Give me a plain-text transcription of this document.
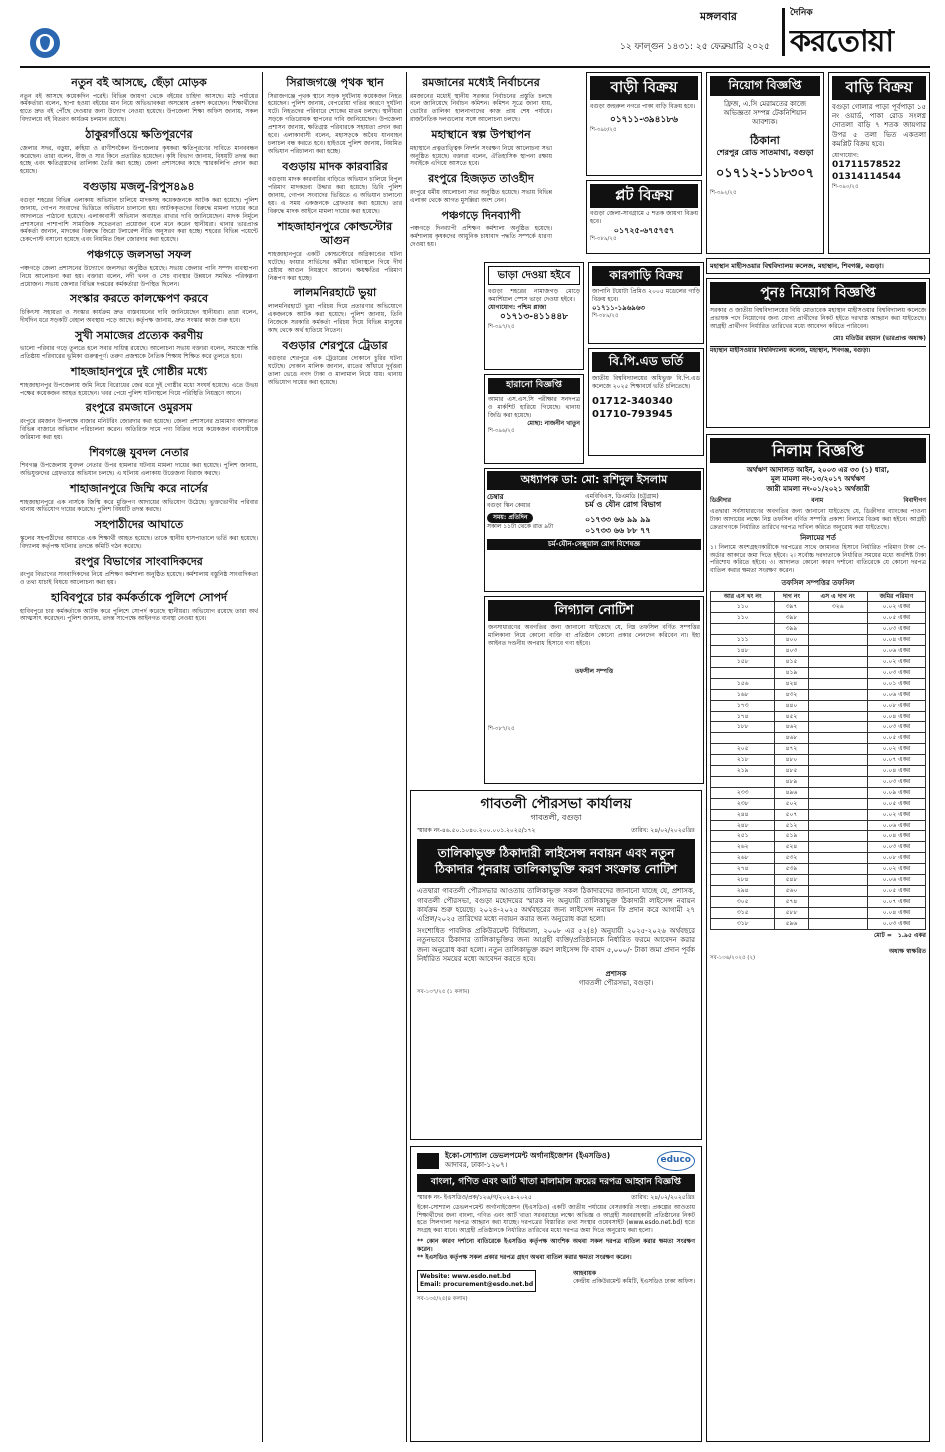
মঙ্গলবার
১২ ফাল্গুন ১৪৩১: ২৫ ফেব্রুয়ারি ২০২৫
দৈনিক
করতোয়া
নতুন বই আসছে, ছেঁড়া মোড়ক
নতুন বই আসছে কয়েকদিন পরেই। বিভিন্ন জায়গা থেকে বইয়ের চাহিদা আসছে। মাঠ পর্যায়ের কর্মকর্তারা বলেন, ছাপা হওয়া বইয়ের মান নিয়ে অভিভাবকরা অসন্তোষ প্রকাশ করেছেন। শিক্ষার্থীদের হাতে দ্রুত বই পৌঁছে দেওয়ার জন্য উদ্যোগ নেওয়া হয়েছে। উপজেলা শিক্ষা অফিস জানায়, সকল বিদ্যালয়ে বই বিতরণ কার্যক্রম চলমান রয়েছে।
ঠাকুরগাঁওয়ে ক্ষতিপূরণের
জেলার সদর, বড়ুয়া, রুহিয়া ও রাণীশংকৈল উপজেলার কৃষকরা ক্ষতিপূরণের দাবিতে মানববন্ধন করেছেন। তারা বলেন, বীজ ও সার কিনে প্রতারিত হয়েছেন। কৃষি বিভাগ জানায়, বিষয়টি তদন্ত করা হচ্ছে এবং ক্ষতিগ্রস্তদের তালিকা তৈরি করা হচ্ছে। জেলা প্রশাসকের কাছে স্মারকলিপি প্রদান করা হয়েছে।
বগুড়ায় মজলু-রিপুস৪৯৪
বগুড়া শহরের বিভিন্ন এলাকায় অভিযান চালিয়ে মাদকসহ কয়েকজনকে আটক করা হয়েছে। পুলিশ জানায়, গোপন সংবাদের ভিত্তিতে অভিযান চালানো হয়। আটককৃতদের বিরুদ্ধে মামলা দায়ের করে আদালতে পাঠানো হয়েছে। এলাকাবাসী অভিযান অব্যাহত রাখার দাবি জানিয়েছেন। মাদক নির্মূলে প্রশাসনের পাশাপাশি সামাজিক সচেতনতা প্রয়োজন বলে মনে করেন স্থানীয়রা। থানার ভারপ্রাপ্ত কর্মকর্তা জানান, মাদকের বিরুদ্ধে জিরো টলারেন্স নীতি অনুসরণ করা হচ্ছে। শহরের বিভিন্ন পয়েন্টে চেকপোস্ট বসানো হয়েছে এবং নিয়মিত টহল জোরদার করা হয়েছে।
পঞ্চগড়ে জলসভা সফল
পঞ্চগড়ে জেলা প্রশাসনের উদ্যোগে জলসভা অনুষ্ঠিত হয়েছে। সভায় জেলার পানি সম্পদ ব্যবস্থাপনা নিয়ে আলোচনা করা হয়। বক্তারা বলেন, নদী খনন ও সেচ ব্যবস্থার উন্নয়নে সমন্বিত পরিকল্পনা প্রয়োজন। সভায় জেলার বিভিন্ন দপ্তরের কর্মকর্তারা উপস্থিত ছিলেন।
সংস্কার করতে কালক্ষেপণ করবে
চিকিৎসা সহায়তা ও সংস্কার কার্যক্রম দ্রুত বাস্তবায়নের দাবি জানিয়েছেন স্থানীয়রা। তারা বলেন, দীর্ঘদিন ধরে সড়কটি বেহাল অবস্থায় পড়ে আছে। কর্তৃপক্ষ জানায়, দ্রুত সংস্কার কাজ শুরু হবে।
সুখী সমাজের প্রত্যেক করণীয়
ভালো পরিবার গড়ে তুলতে হলে সবার দায়িত্ব রয়েছে। আলোচনা সভায় বক্তারা বলেন, সমাজে শান্তি প্রতিষ্ঠায় পরিবারের ভূমিকা গুরুত্বপূর্ণ। তরুণ প্রজন্মকে নৈতিক শিক্ষায় শিক্ষিত করে তুলতে হবে।
শাহজাহানপুরে দুই গোষ্ঠীর মধ্যে
শাহজাহানপুর উপজেলায় জমি নিয়ে বিরোধের জের ধরে দুই গোষ্ঠীর মধ্যে সংঘর্ষ হয়েছে। এতে উভয় পক্ষের কয়েকজন আহত হয়েছেন। খবর পেয়ে পুলিশ ঘটনাস্থলে গিয়ে পরিস্থিতি নিয়ন্ত্রণে আনে।
রংপুরে রমজানে ওমুরসম
রংপুরে রমজান উপলক্ষে বাজার মনিটরিং জোরদার করা হয়েছে। জেলা প্রশাসনের ভ্রাম্যমাণ আদালত বিভিন্ন বাজারে অভিযান পরিচালনা করেন। অতিরিক্ত দামে পণ্য বিক্রির দায়ে কয়েকজন ব্যবসায়ীকে জরিমানা করা হয়।
শিবগঞ্জে যুবদল নেতার
শিবগঞ্জ উপজেলায় যুবদল নেতার উপর হামলার ঘটনায় মামলা দায়ের করা হয়েছে। পুলিশ জানায়, অভিযুক্তদের গ্রেফতারে অভিযান চলছে। এ ঘটনায় এলাকায় উত্তেজনা বিরাজ করছে।
শাহাজানপুরে জিম্মি করে নার্সের
শাহজাহানপুরে এক নার্সকে জিম্মি করে মুক্তিপণ আদায়ের অভিযোগ উঠেছে। ভুক্তভোগীর পরিবার থানায় অভিযোগ দায়ের করেছে। পুলিশ বিষয়টি তদন্ত করছে।
সহপাঠীদের আঘাতে
স্কুলের সহপাঠীদের আঘাতে এক শিক্ষার্থী আহত হয়েছে। তাকে স্থানীয় হাসপাতালে ভর্তি করা হয়েছে। বিদ্যালয় কর্তৃপক্ষ ঘটনার তদন্তে কমিটি গঠন করেছে।
রংপুর বিভাগের সাংবাদিকদের
রংপুর বিভাগের সাংবাদিকদের নিয়ে প্রশিক্ষণ কর্মশালা অনুষ্ঠিত হয়েছে। কর্মশালায় বস্তুনিষ্ঠ সাংবাদিকতা ও তথ্য যাচাই বিষয়ে আলোচনা করা হয়।
হাবিবপুরে চার কর্মকর্তাকে পুলিশে সোপর্দ
হাবিবপুরে চার কর্মকর্তাকে আটক করে পুলিশে সোপর্দ করেছে স্থানীয়রা। অভিযোগ রয়েছে তারা অর্থ আত্মসাৎ করেছেন। পুলিশ জানায়, তদন্ত সাপেক্ষে আইনগত ব্যবস্থা নেওয়া হবে।
সিরাজগঞ্জে পৃথক স্থান
সিরাজগঞ্জে পৃথক স্থানে সড়ক দুর্ঘটনায় কয়েকজন নিহত হয়েছেন। পুলিশ জানায়, বেপরোয়া গতির কারণে দুর্ঘটনা ঘটে। নিহতদের পরিবারে শোকের মাতম চলছে। স্থানীয়রা সড়কে গতিরোধক স্থাপনের দাবি জানিয়েছেন। উপজেলা প্রশাসন জানায়, ক্ষতিগ্রস্ত পরিবারকে সহায়তা প্রদান করা হবে। এলাকাবাসী বলেন, মহাসড়কে অবৈধ যানবাহন চলাচল বন্ধ করতে হবে। হাইওয়ে পুলিশ জানায়, নিয়মিত অভিযান পরিচালনা করা হচ্ছে।
বগুড়ায় মাদক কারবারির
বগুড়ায় মাদক কারবারির বাড়িতে অভিযান চালিয়ে বিপুল পরিমাণ মাদকদ্রব্য উদ্ধার করা হয়েছে। ডিবি পুলিশ জানায়, গোপন সংবাদের ভিত্তিতে এ অভিযান চালানো হয়। এ সময় একজনকে গ্রেফতার করা হয়েছে। তার বিরুদ্ধে মাদক আইনে মামলা দায়ের করা হয়েছে।
শাহজাহানপুরে কোল্ডস্টোর আগুন
শাহজাহানপুরে একটি কোল্ডস্টোরে অগ্নিকাণ্ডের ঘটনা ঘটেছে। ফায়ার সার্ভিসের কর্মীরা ঘটনাস্থলে গিয়ে দীর্ঘ চেষ্টায় আগুন নিয়ন্ত্রণে আনেন। ক্ষয়ক্ষতির পরিমাণ নিরূপণ করা হচ্ছে।
লালমনিরহাটে ভুয়া
লালমনিরহাটে ভুয়া পরিচয় দিয়ে প্রতারণার অভিযোগে একজনকে আটক করা হয়েছে। পুলিশ জানায়, তিনি নিজেকে সরকারি কর্মকর্তা পরিচয় দিয়ে বিভিন্ন মানুষের কাছ থেকে অর্থ হাতিয়ে নিতেন।
বগুড়ার শেরপুরে ট্রেডার
বগুড়ার শেরপুরে এক ট্রেডারের দোকানে চুরির ঘটনা ঘটেছে। দোকান মালিক জানান, রাতের আঁধারে দুর্বৃত্তরা তালা ভেঙে নগদ টাকা ও মালামাল নিয়ে যায়। থানায় অভিযোগ দায়ের করা হয়েছে।
রমজানের মধ্যেই নির্বাচনের
রমজানের মধ্যেই স্থানীয় সরকার নির্বাচনের প্রস্তুতি চলছে বলে জানিয়েছে নির্বাচন কমিশন। কমিশন সূত্রে জানা যায়, ভোটার তালিকা হালনাগাদের কাজ প্রায় শেষ পর্যায়ে। রাজনৈতিক দলগুলোর সঙ্গে আলোচনা চলছে।
মহাস্থানে স্বল্প উপস্থাপন
মহাস্থানে প্রত্নতাত্ত্বিক নিদর্শন সংরক্ষণ নিয়ে আলোচনা সভা অনুষ্ঠিত হয়েছে। বক্তারা বলেন, ঐতিহাসিক স্থাপনা রক্ষায় সবাইকে এগিয়ে আসতে হবে।
রংপুরে হিজড়ত তাওহীদ
রংপুরে ধর্মীয় আলোচনা সভা অনুষ্ঠিত হয়েছে। সভায় বিভিন্ন এলাকা থেকে আগত মুসল্লিরা অংশ নেন।
পঞ্চগড়ে দিনব্যাপী
পঞ্চগড়ে দিনব্যাপী প্রশিক্ষণ কর্মশালা অনুষ্ঠিত হয়েছে। কর্মশালায় কৃষকদের আধুনিক চাষাবাদ পদ্ধতি সম্পর্কে ধারণা দেওয়া হয়।
বাড়ী বিক্রয়
বগুড়া জহুরুল নগরে পাকা বাড়ি বিক্রয় হবে।
০১৭১১-৩৯৪১৮৬
শি-৩৯৮/২৫
প্লট বিক্রয়
বগুড়া জেলা-সাবগ্রামে ৫ শতক জায়গা বিক্রয় হবে।
০১৭২৫-৬৭৫৭৫৭
শি-৩৮৯/২৫
নিয়োগ বিজ্ঞপ্তি
ফ্রিজ, এ.সি মেরামতের কাজে অভিজ্ঞতা সম্পন্ন টেকনিশিয়ান আবশ্যক।
ঠিকানা
শেরপুর রোড সাতমাথা, বগুড়া
০১৭১২-১১৮৩০৭
শি-৩৯২/২৫
বাড়ি বিক্রয়
বগুড়া গোলার পাড়া পূর্বপাড়া ১৫ নং ওয়ার্ড, পাকা রোড সংলগ্ন দোতলা বাড়ি ৭ শতক জায়গার উপর ৫ তলা ভিত একতলা কমপ্লিট বিক্রয় হবে।
যোগাযোগ:
01711578522
01314114544
শি-৩৯০/২৫
ভাড়া দেওয়া হইবে
বগুড়া শহরের নামাজগড় মোড়ে কমার্শিয়াল স্পেস ভাড়া দেওয়া হইবে।
যোগাযোগ: পশ্চিম প্লাজা
০১৭১৩-৪১১৪৪৮
শি-৩৯৭/২৫
কারগাড়ি বিক্রয়
জাপানি টয়োটা প্রিমিও ২০০৫ মডেলের গাড়ি বিক্রয় হবে।
০১৭১১-১৯৬৯৬৩
শি-৩৮৯/২৫
বি.পি.এড ভর্তি
জাতীয় বিশ্ববিদ্যালয়ের অধিভুক্ত বি.পি.এড কলেজে ২০২৫ শিক্ষাবর্ষে ভর্তি চলিতেছে।
01712-340340
01710-793945
হারানো বিজ্ঞপ্তি
আমার এস.এস.সি পরীক্ষার সনদপত্র ও মার্কশিট হারিয়ে গিয়েছে। থানায় জিডি করা হয়েছে।
মোছা: নাজনীন খাতুন
শি-৩৯৬/২৫
অধ্যাপক ডা: মো: রশিদুল ইসলাম
চেম্বার
বগুড়া স্কিন কেয়ার
সময়: প্রতিদিন
সকাল ১১টা থেকে রাত ৯টা
এমবিবিএস, ডিএমডি (চট্টগ্রাম)
চর্ম ও যৌন রোগ বিভাগ
০১৭৩৩ ৬৬ ৯৯ ৯৯
০১৭৩৩ ৬৬ ৮৮ ৭৭
চর্ম-যৌন-সেক্সুয়াল রোগ বিশেষজ্ঞ
লিগ্যাল নোটিশ
জনসাধারণের অবগতির জন্য জানানো যাইতেছে যে, নিম্ন তফসিল বর্ণিত সম্পত্তির মালিকানা নিয়ে কোনো ব্যক্তি বা প্রতিষ্ঠান কোনো প্রকার লেনদেন করিবেন না। ইহা আইনত দণ্ডনীয় অপরাধ হিসাবে গণ্য হইবে।
তফসীল সম্পত্তি
শি-৩৮৭/২৫
মহাস্থান মাহীসওয়ার বিশ্ববিদ্যালয় কলেজ, মহাস্থান, শিবগঞ্জ, বগুড়া।
পুনঃ নিয়োগ বিজ্ঞপ্তি
সরকার ও জাতীয় বিশ্ববিদ্যালয়ের বিধি মোতাবেক মহাস্থান মাহীসওয়ার বিশ্ববিদ্যালয় কলেজে প্রভাষক পদে নিয়োগের জন্য যোগ্য প্রার্থীদের নিকট হইতে দরখাস্ত আহ্বান করা যাইতেছে। আগ্রহী প্রার্থীগণ নির্ধারিত তারিখের মধ্যে আবেদন করিতে পারিবেন।
মোঃ মতিউর রহমান (ভারপ্রাপ্ত অধ্যক্ষ)
মহাস্থান মাহীসওয়ার বিশ্ববিদ্যালয় কলেজ, মহাস্থান, শিবগঞ্জ, বগুড়া।
নিলাম বিজ্ঞপ্তি
অর্থঋণ আদালত আইন, ২০০৩ এর ৩৩ (১) ধারা,
মূল মামলা নং-১৩/২০১৭ অর্থঋণ
জারী মামলা নং-০১/২০২১ অর্থজারী
ডিক্রীদার	বনাম	বিবাদীগণ
এতদ্বারা সর্বসাধারণের অবগতির জন্য জানানো যাইতেছে যে, ডিক্রীদার ব্যাংকের পাওনা টাকা আদায়ের লক্ষ্যে নিম্ন তফসিল বর্ণিত সম্পত্তি প্রকাশ্য নিলামে বিক্রয় করা হইবে। আগ্রহী ক্রেতাগণকে নির্ধারিত তারিখে দরপত্র দাখিল করিতে অনুরোধ করা যাইতেছে।
নিলামের শর্ত
১। নিলামে অংশগ্রহণকারীকে দরপত্রের সাথে জামানত হিসাবে নির্ধারিত পরিমাণ টাকা পে-অর্ডার আকারে জমা দিতে হইবে। ২। সর্বোচ্চ দরদাতাকে নির্ধারিত সময়ের মধ্যে অবশিষ্ট টাকা পরিশোধ করিতে হইবে। ৩। আদালত কোনো কারণ দর্শানো ব্যতিরেকে যে কোনো দরপত্র বাতিল করার ক্ষমতা সংরক্ষণ করেন।
তফসিল সম্পত্তির তফসিল
আর এস খং নং	দাগ নং	এস এ দাগ নং	জমির পরিমাণ
১১০	৩৯৭	৩২৬	০.০২ একর
১১০	৩৯৮		০.০৫ একর
	৩৯৯		০.০৩ একর
১১১	৪০০		০.০৪ একর
১৪৮	৪০৩		০.০৬ একর
১৫৮	৪১৫		০.০২ একর
	৪১৯		০.০৩ একর
১৫৬	৪২৪		০.০১ একর
১৬৮	৪৩২		০.০৬ একর
১৭৩	৪৪০		০.০৮ একর
১৭৪	৪৫২		০.০৪ একর
১৮৮	৪৬২		০.০৩ একর
	৪৬৮		০.০৫ একর
২০৫	৪৭২		০.০২ একর
২১৮	৪৮০		০.০৭ একর
২১৯	৪৮৫		০.০৪ একর
	৪৮৯		০.০৩ একর
২৩৩	৪৯৬		০.০৯ একর
২৩৮	৫০২		০.০৫ একর
২৪৪	৫০৭		০.০২ একর
২৪৮	৫১২		০.০৬ একর
২৫১	৫১৯		০.০৪ একর
২৬২	৫২৪		০.০৩ একর
২৬৮	৫৩২		০.০৮ একর
২৭৪	৫৩৯		০.০২ একর
২৮৪	৫৪৮		০.০৬ একর
২৯৪	৫৬০		০.০৫ একর
৩০৫	৫৭৪		০.০৭ একর
৩১৫	৫৮৮		০.০৪ একর
৩১৮	৫৯৬		০.০৩ একর
মোট = ১.৯৫ একর
অধ্যক্ষ স্বাক্ষরিত
সব-১৩৬/২০২৫ (২)
গাবতলী পৌরসভা কার্যালয়
গাবতলী, বগুড়া
স্মারক নং-৪৬.৫০.১০৪০.২০০.০০১.২০২৫/১৭২	তারিখ: ২৪/০২/২০২৫খ্রিঃ
তালিকাভুক্ত ঠিকাদারী লাইসেন্স নবায়ন এবং নতুন ঠিকাদার পুনরায় তালিকাভুক্তি করণ সংক্রান্ত নোটিশ
এতদ্বারা গাবতলী পৌরসভার আওতায় তালিকাভুক্ত সকল ঠিকাদারদের জানানো যাচ্ছে যে, প্রশাসক, গাবতলী পৌরসভা, বগুড়া মহোদয়ের স্মারক নং অনুযায়ী তালিকাভুক্ত ঠিকাদারী লাইসেন্স নবায়ন কার্যক্রম শুরু হয়েছে। ২০২৪-২০২৫ অর্থবছরের জন্য লাইসেন্স নবায়ন ফি প্রদান করে আগামী ২৭ এপ্রিল/২০২৫ তারিখের মধ্যে নবায়ন করার জন্য অনুরোধ করা হলো।
সংশোধিত পাবলিক প্রকিউরমেন্ট বিধিমালা, ২০০৮ এর ৫২(৪) অনুযায়ী ২০২৫-২০২৬ অর্থবছরে নতুনভাবে ঠিকাদার তালিকাভুক্তির জন্য আগ্রহী ব্যক্তি/প্রতিষ্ঠানকে নির্ধারিত ফরমে আবেদন করার জন্য অনুরোধ করা হলো। নতুন তালিকাভুক্ত করণ লাইসেন্স ফি বাবদ ৫,০০০/- টাকা জমা প্রদান পূর্বক নির্ধারিত সময়ের মধ্যে আবেদন করতে হবে।
প্রশাসক
গাবতলী পৌরসভা, বগুড়া।
সব-১৩৭/২৫ (১ কলাম)
ইকো-সোশ্যাল ডেভলপমেন্ট অর্গানাইজেশন (ইএসডিও)
আদাবর, ঢাকা-১২০৭।
educo
বাংলা, গণিত এবং আর্ট খাতা মালামাল ক্রয়ের দরপত্র আহ্বান বিজ্ঞপ্তি
স্মারক নং- ইএসডিও/প্রক/১২৬/গ/২০২৪-২০২৫	তারিখ: ২৪/০২/২০২৫খ্রিঃ
ইকো-সোশ্যাল ডেভলপমেন্ট অর্গানাইজেশন (ইএসডিও) একটি জাতীয় পর্যায়ের বেসরকারি সংস্থা। প্রকল্পের আওতায় শিক্ষার্থীদের জন্য বাংলা, গণিত এবং আর্ট খাতা সরবরাহের লক্ষ্যে অভিজ্ঞ ও আগ্রহী সরবরাহকারী প্রতিষ্ঠানের নিকট হতে সিলগালা দরপত্র আহ্বান করা যাচ্ছে। দরপত্রের বিস্তারিত তথ্য সংস্থার ওয়েবসাইট (www.esdo.net.bd) হতে সংগ্রহ করা যাবে। আগ্রহী প্রতিষ্ঠানকে নির্ধারিত তারিখের মধ্যে দরপত্র জমা দিতে অনুরোধ করা হলো।
** কোন কারণ দর্শানো ব্যতিরেকে ইএসডিও কর্তৃপক্ষ আংশিক অথবা সকল দরপত্র বাতিল করার ক্ষমতা সংরক্ষণ করেন।
** ইএসডিও কর্তৃপক্ষ সকল প্রকার দরপত্র গ্রহণ অথবা বাতিল করার ক্ষমতা সংরক্ষণ করেন।
Website: www.esdo.net.bd
Email: procurement@esdo.net.bd
আহবায়ক
কেন্দ্রীয় প্রকিউরমেন্ট কমিটি, ইএসডিও ঢাকা অফিস।
সব-১৩৫/২৫(৪ কলাম)
